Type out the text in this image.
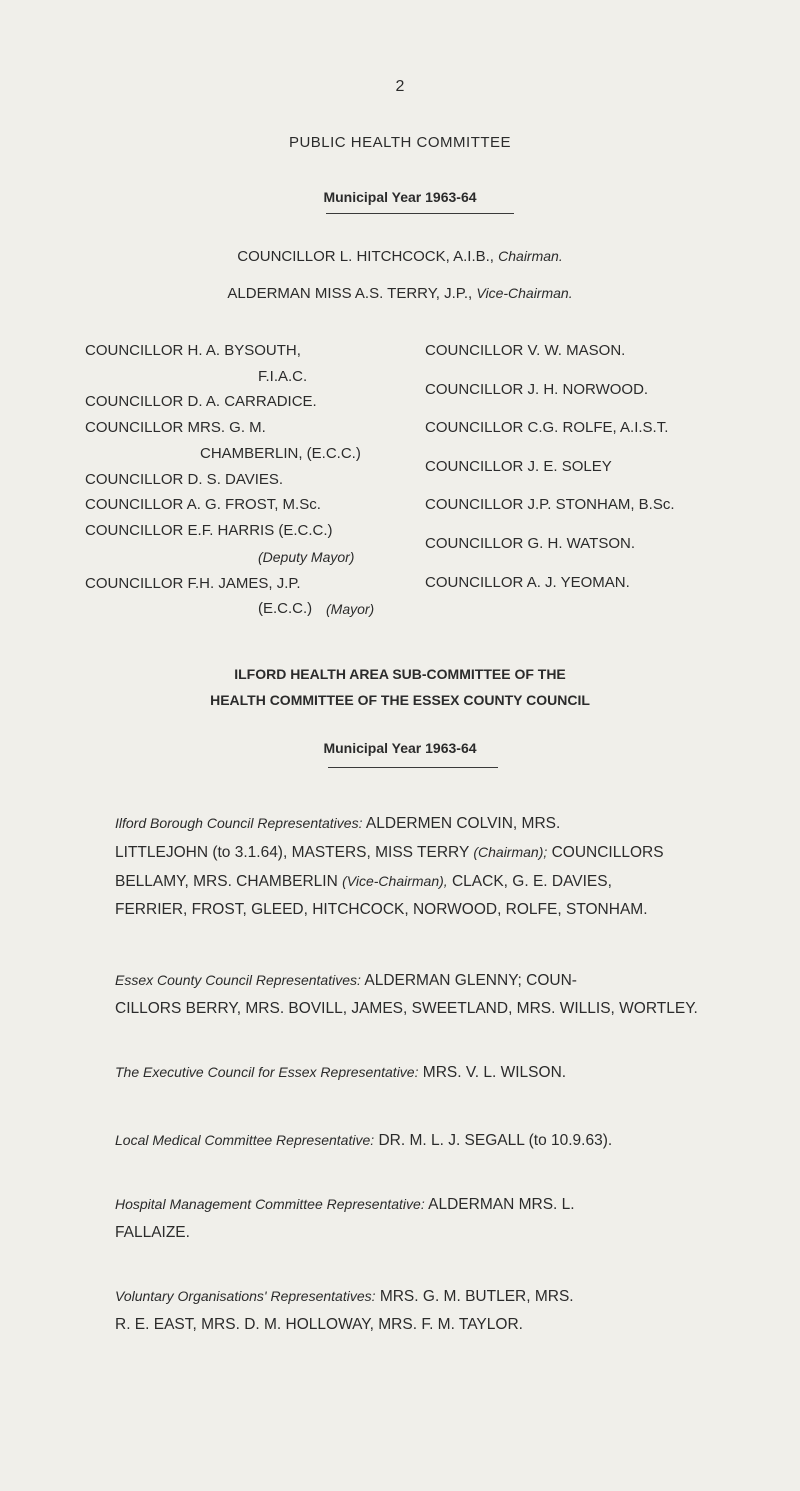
2
PUBLIC HEALTH COMMITTEE
Municipal Year 1963-64
COUNCILLOR L. HITCHCOCK, A.I.B., Chairman.
ALDERMAN MISS A.S. TERRY, J.P., Vice-Chairman.
COUNCILLOR H. A. BYSOUTH,
F.I.A.C.
COUNCILLOR D. A. CARRADICE.
COUNCILLOR MRS. G. M.
CHAMBERLIN, (E.C.C.)
COUNCILLOR D. S. DAVIES.
COUNCILLOR A. G. FROST, M.Sc.
COUNCILLOR E.F. HARRIS (E.C.C.)
(Deputy Mayor)
COUNCILLOR F.H. JAMES, J.P.
(E.C.C.) (Mayor)
COUNCILLOR V. W. MASON.
COUNCILLOR J. H. NORWOOD.
COUNCILLOR C.G. ROLFE, A.I.S.T.
COUNCILLOR J. E. SOLEY
COUNCILLOR J.P. STONHAM, B.Sc.
COUNCILLOR G. H. WATSON.
COUNCILLOR A. J. YEOMAN.
ILFORD HEALTH AREA SUB-COMMITTEE OF THE
HEALTH COMMITTEE OF THE ESSEX COUNTY COUNCIL
Municipal Year 1963-64
Ilford Borough Council Representatives: ALDERMEN COLVIN, MRS.
LITTLEJOHN (to 3.1.64), MASTERS, MISS TERRY (Chairman); COUNCILLORS
BELLAMY, MRS. CHAMBERLIN (Vice-Chairman), CLACK, G. E. DAVIES,
FERRIER, FROST, GLEED, HITCHCOCK, NORWOOD, ROLFE, STONHAM.
Essex County Council Representatives: ALDERMAN GLENNY; COUN-
CILLORS BERRY, MRS. BOVILL, JAMES, SWEETLAND, MRS. WILLIS, WORTLEY.
The Executive Council for Essex Representative: MRS. V. L. WILSON.
Local Medical Committee Representative: DR. M. L. J. SEGALL (to 10.9.63).
Hospital Management Committee Representative: ALDERMAN MRS. L.
FALLAIZE.
Voluntary Organisations' Representatives: MRS. G. M. BUTLER, MRS.
R. E. EAST, MRS. D. M. HOLLOWAY, MRS. F. M. TAYLOR.
